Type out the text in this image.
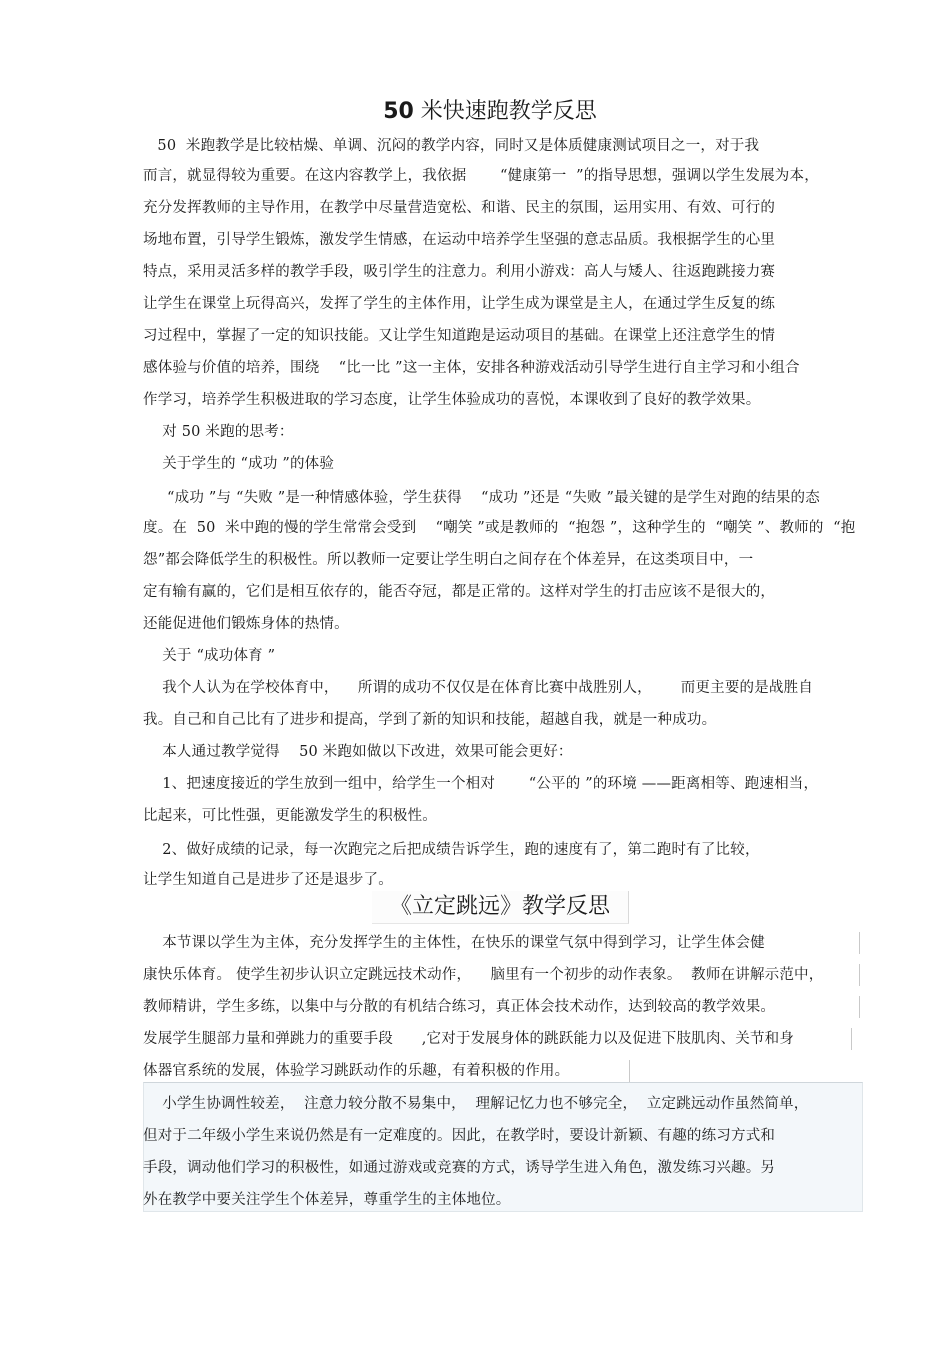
50 米快速跑教学反思
50  米跑教学是比较枯燥、单调、沉闷的教学内容，同时又是体质健康测试项目之一，对于我
而言，就显得较为重要。在这内容教学上，我依据       “健康第一  ”的指导思想，强调以学生发展为本，
充分发挥教师的主导作用，在教学中尽量营造宽松、和谐、民主的氛围，运用实用、有效、可行的
场地布置，引导学生锻炼，激发学生情感，在运动中培养学生坚强的意志品质。我根据学生的心里
特点，采用灵活多样的教学手段，吸引学生的注意力。利用小游戏：高人与矮人、往返跑跳接力赛
让学生在课堂上玩得高兴，发挥了学生的主体作用，让学生成为课堂是主人，在通过学生反复的练
习过程中，掌握了一定的知识技能。又让学生知道跑是运动项目的基础。在课堂上还注意学生的情
感体验与价值的培养，围绕    “比一比 ”这一主体，安排各种游戏活动引导学生进行自主学习和小组合
作学习，培养学生积极进取的学习态度，让学生体验成功的喜悦，本课收到了良好的教学效果。
对 50 米跑的思考：
关于学生的 “成功 ”的体验
“成功 ”与 “失败 ”是一种情感体验，学生获得    “成功 ”还是 “失败 ”最关键的是学生对跑的结果的态
度。在  50  米中跑的慢的学生常常会受到    “嘲笑 ”或是教师的  “抱怨 ”，这种学生的  “嘲笑 ”、教师的  “抱
怨”都会降低学生的积极性。所以教师一定要让学生明白之间存在个体差异，在这类项目中，一
定有输有赢的，它们是相互依存的，能否夺冠，都是正常的。这样对学生的打击应该不是很大的，
还能促进他们锻炼身体的热情。
关于 “成功体育 ”
我个人认为在学校体育中，    所谓的成功不仅仅是在体育比赛中战胜别人，      而更主要的是战胜自
我。自己和自己比有了进步和提高，学到了新的知识和技能，超越自我，就是一种成功。
本人通过教学觉得    50 米跑如做以下改进，效果可能会更好：
1、把速度接近的学生放到一组中，给学生一个相对       “公平的 ”的环境 ——距离相等、跑速相当，
比起来，可比性强，更能激发学生的积极性。
2、做好成绩的记录，每一次跑完之后把成绩告诉学生，跑的速度有了，第二跑时有了比较，
让学生知道自己是进步了还是退步了。
《立定跳远》教学反思
本节课以学生为主体，充分发挥学生的主体性，在快乐的课堂气氛中得到学习，让学生体会健
康快乐体育。 使学生初步认识立定跳远技术动作，    脑里有一个初步的动作表象。  教师在讲解示范中，
教师精讲，学生多练，以集中与分散的有机结合练习，真正体会技术动作，达到较高的教学效果。
发展学生腿部力量和弹跳力的重要手段      ,它对于发展身体的跳跃能力以及促进下肢肌肉、关节和身
体器官系统的发展，体验学习跳跃动作的乐趣，有着积极的作用。
小学生协调性较差，  注意力较分散不易集中，  理解记忆力也不够完全，  立定跳远动作虽然简单，
但对于二年级小学生来说仍然是有一定难度的。因此，在教学时，要设计新颖、有趣的练习方式和
手段，调动他们学习的积极性，如通过游戏或竞赛的方式，诱导学生进入角色，激发练习兴趣。另
外在教学中要关注学生个体差异，尊重学生的主体地位。
